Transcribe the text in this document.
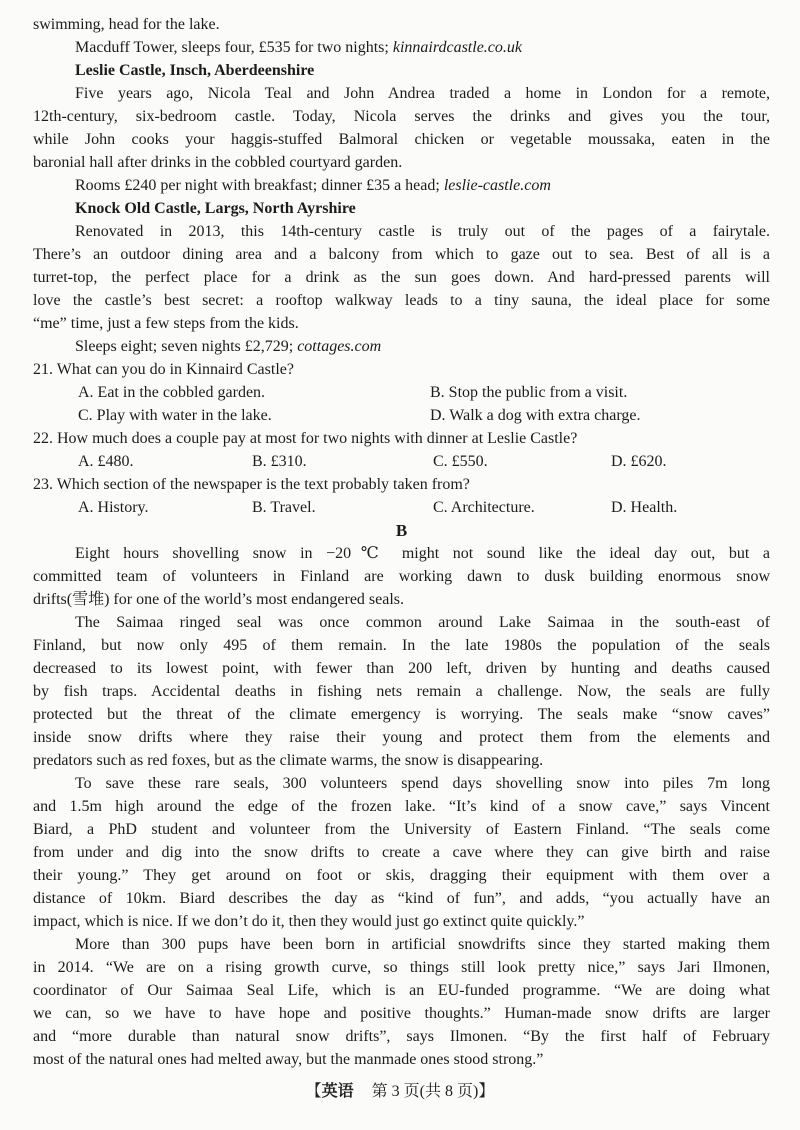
swimming, head for the lake.
Macduff Tower, sleeps four, £535 for two nights; kinnairdcastle.co.uk
Leslie Castle, Insch, Aberdeenshire
Five years ago, Nicola Teal and John Andrea traded a home in London for a remote,
12th-century, six-bedroom castle. Today, Nicola serves the drinks and gives you the tour,
while John cooks your haggis-stuffed Balmoral chicken or vegetable moussaka, eaten in the
baronial hall after drinks in the cobbled courtyard garden.
Rooms £240 per night with breakfast; dinner £35 a head; leslie-castle.com
Knock Old Castle, Largs, North Ayrshire
Renovated in 2013, this 14th-century castle is truly out of the pages of a fairytale.
There’s an outdoor dining area and a balcony from which to gaze out to sea. Best of all is a
turret-top, the perfect place for a drink as the sun goes down. And hard-pressed parents will
love the castle’s best secret: a rooftop walkway leads to a tiny sauna, the ideal place for some
“me” time, just a few steps from the kids.
Sleeps eight; seven nights £2,729; cottages.com
21. What can you do in Kinnaird Castle?
A. Eat in the cobbled garden.	B. Stop the public from a visit.
C. Play with water in the lake.	D. Walk a dog with extra charge.
22. How much does a couple pay at most for two nights with dinner at Leslie Castle?
A. £480.	B. £310.	C. £550.	D. £620.
23. Which section of the newspaper is the text probably taken from?
A. History.	B. Travel.	C. Architecture.	D. Health.
B
Eight hours shovelling snow in −20℃ might not sound like the ideal day out, but a
committed team of volunteers in Finland are working dawn to dusk building enormous snow
drifts(雪堆) for one of the world’s most endangered seals.
The Saimaa ringed seal was once common around Lake Saimaa in the south-east of
Finland, but now only 495 of them remain. In the late 1980s the population of the seals
decreased to its lowest point, with fewer than 200 left, driven by hunting and deaths caused
by fish traps. Accidental deaths in fishing nets remain a challenge. Now, the seals are fully
protected but the threat of the climate emergency is worrying. The seals make “snow caves”
inside snow drifts where they raise their young and protect them from the elements and
predators such as red foxes, but as the climate warms, the snow is disappearing.
To save these rare seals, 300 volunteers spend days shovelling snow into piles 7m long
and 1.5m high around the edge of the frozen lake. “It’s kind of a snow cave,” says Vincent
Biard, a PhD student and volunteer from the University of Eastern Finland. “The seals come
from under and dig into the snow drifts to create a cave where they can give birth and raise
their young.” They get around on foot or skis, dragging their equipment with them over a
distance of 10km. Biard describes the day as “kind of fun”, and adds, “you actually have an
impact, which is nice. If we don’t do it, then they would just go extinct quite quickly.”
More than 300 pups have been born in artificial snowdrifts since they started making them
in 2014. “We are on a rising growth curve, so things still look pretty nice,” says Jari Ilmonen,
coordinator of Our Saimaa Seal Life, which is an EU-funded programme. “We are doing what
we can, so we have to have hope and positive thoughts.” Human-made snow drifts are larger
and “more durable than natural snow drifts”, says Ilmonen. “By the first half of February
most of the natural ones had melted away, but the manmade ones stood strong.”
【英语 第 3 页(共 8 页)】
